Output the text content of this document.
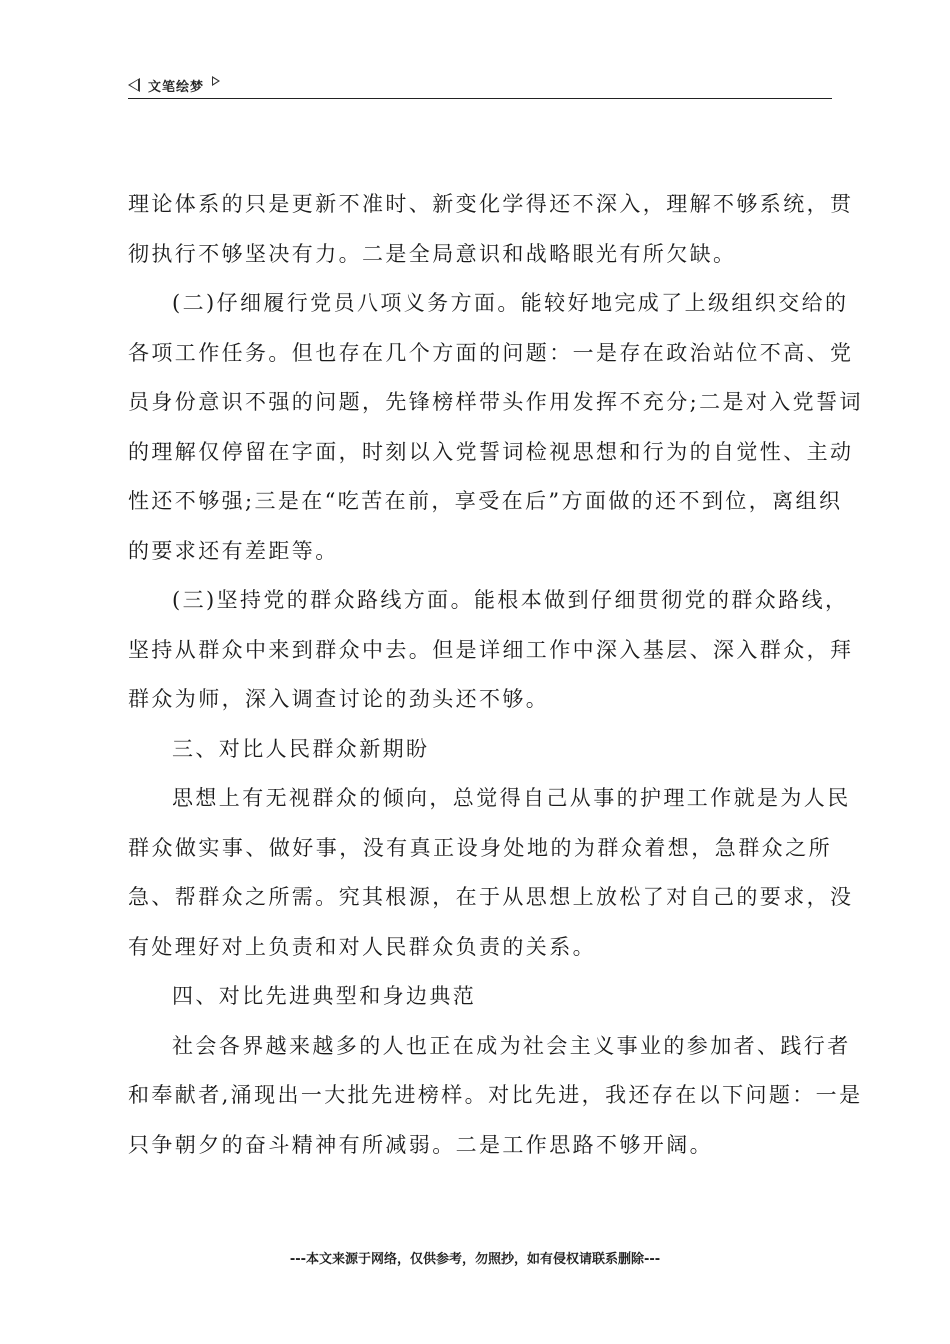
文笔绘梦
理论体系的只是更新不准时、新变化学得还不深入，理解不够系统，贯
彻执行不够坚决有力。二是全局意识和战略眼光有所欠缺。
(二)仔细履行党员八项义务方面。能较好地完成了上级组织交给的
各项工作任务。但也存在几个方面的问题：一是存在政治站位不高、党
员身份意识不强的问题，先锋榜样带头作用发挥不充分;二是对入党誓词
的理解仅停留在字面，时刻以入党誓词检视思想和行为的自觉性、主动
性还不够强;三是在“吃苦在前，享受在后”方面做的还不到位，离组织
的要求还有差距等。
(三)坚持党的群众路线方面。能根本做到仔细贯彻党的群众路线，
坚持从群众中来到群众中去。但是详细工作中深入基层、深入群众，拜
群众为师，深入调查讨论的劲头还不够。
三、对比人民群众新期盼
思想上有无视群众的倾向，总觉得自己从事的护理工作就是为人民
群众做实事、做好事，没有真正设身处地的为群众着想，急群众之所
急、帮群众之所需。究其根源，在于从思想上放松了对自己的要求，没
有处理好对上负责和对人民群众负责的关系。
四、对比先进典型和身边典范
社会各界越来越多的人也正在成为社会主义事业的参加者、践行者
和奉献者,涌现出一大批先进榜样。对比先进，我还存在以下问题：一是
只争朝夕的奋斗精神有所减弱。二是工作思路不够开阔。
---本文来源于网络，仅供参考，勿照抄，如有侵权请联系删除---
